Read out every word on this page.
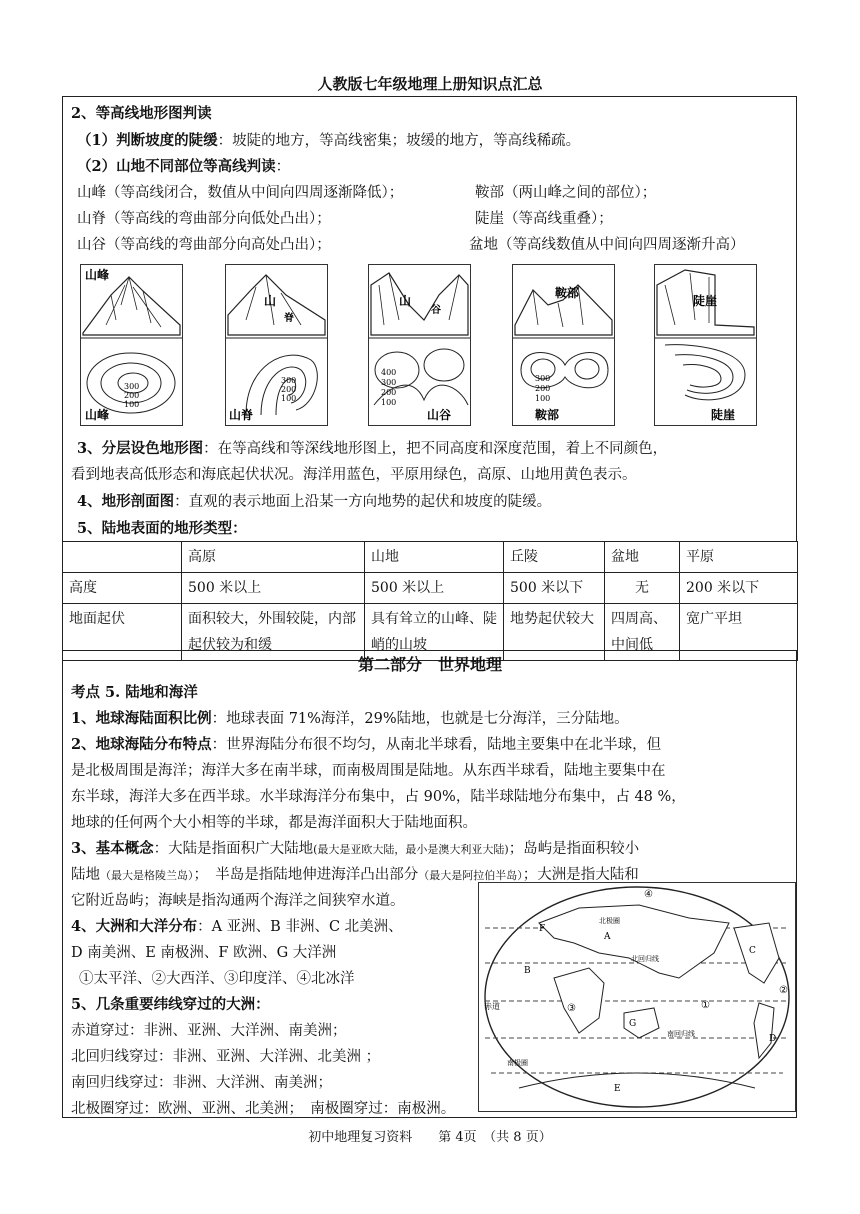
人教版七年级地理上册知识点汇总
2、等高线地形图判读
（1）判断坡度的陡缓：坡陡的地方，等高线密集；坡缓的地方，等高线稀疏。
（2）山地不同部位等高线判读：
山峰（等高线闭合，数值从中间向四周逐渐降低）；	鞍部（两山峰之间的部位）；
山脊（等高线的弯曲部分向低处凸出）；	陡崖（等高线重叠）；
山谷（等高线的弯曲部分向高处凸出）；	盆地（等高线数值从中间向四周逐渐升高）
3、分层设色地形图：在等高线和等深线地形图上，把不同高度和深度范围，着上不同颜色，
看到地表高低形态和海底起伏状况。海洋用蓝色，平原用绿色，高原、山地用黄色表示。
4、地形剖面图：直观的表示地面上沿某一方向地势的起伏和坡度的陡缓。
5、陆地表面的地形类型：
山峰
山峰
300
200
100
山
脊
山脊
300
200
100
山
谷
山谷
400
300
200
100
鞍部
鞍部
300
200
100
陡崖
陡崖
	高原	山地	丘陵	盆地	平原
高度	500 米以上	500 米以上	500 米以下	无	200 米以下
地面起伏	面积较大，外围较陡，内部起伏较为和缓	具有耸立的山峰、陡峭的山坡	地势起伏较大	四周高、中间低	宽广平坦
第二部分　世界地理
考点 5. 陆地和海洋
1、地球海陆面积比例：地球表面 71%海洋，29%陆地，也就是七分海洋，三分陆地。
2、地球海陆分布特点：世界海陆分布很不均匀，从南北半球看，陆地主要集中在北半球，但
是北极周围是海洋；海洋大多在南半球，而南极周围是陆地。从东西半球看，陆地主要集中在
东半球，海洋大多在西半球。水半球海洋分布集中，占 90%，陆半球陆地分布集中，占 48 %，
地球的任何两个大小相等的半球，都是海洋面积大于陆地面积。
3、基本概念：大陆是指面积广大陆地(最大是亚欧大陆，最小是澳大利亚大陆)；岛屿是指面积较小
陆地（最大是格陵兰岛）；　半岛是指陆地伸进海洋凸出部分（最大是阿拉伯半岛）；大洲是指大陆和
它附近岛屿；海峡是指沟通两个海洋之间狭窄水道。
4、大洲和大洋分布：A 亚洲、B 非洲、C 北美洲、
D 南美洲、E 南极洲、F 欧洲、G 大洋洲
①太平洋、②大西洋、③印度洋、④北冰洋
5、几条重要纬线穿过的大洲：
赤道穿过：非洲、亚洲、大洋洲、南美洲；
北回归线穿过：非洲、亚洲、大洋洲、北美洲 ；
南回归线穿过：非洲、大洋洲、南美洲；
北极圈穿过：欧洲、亚洲、北美洲；　南极圈穿过：南极洲。
北极圈
北回归线
赤道
南回归线
南极圈
A
B
C
D
E
F
G
①
②
③
④
初中地理复习资料　　第 4页　（共 8 页）
